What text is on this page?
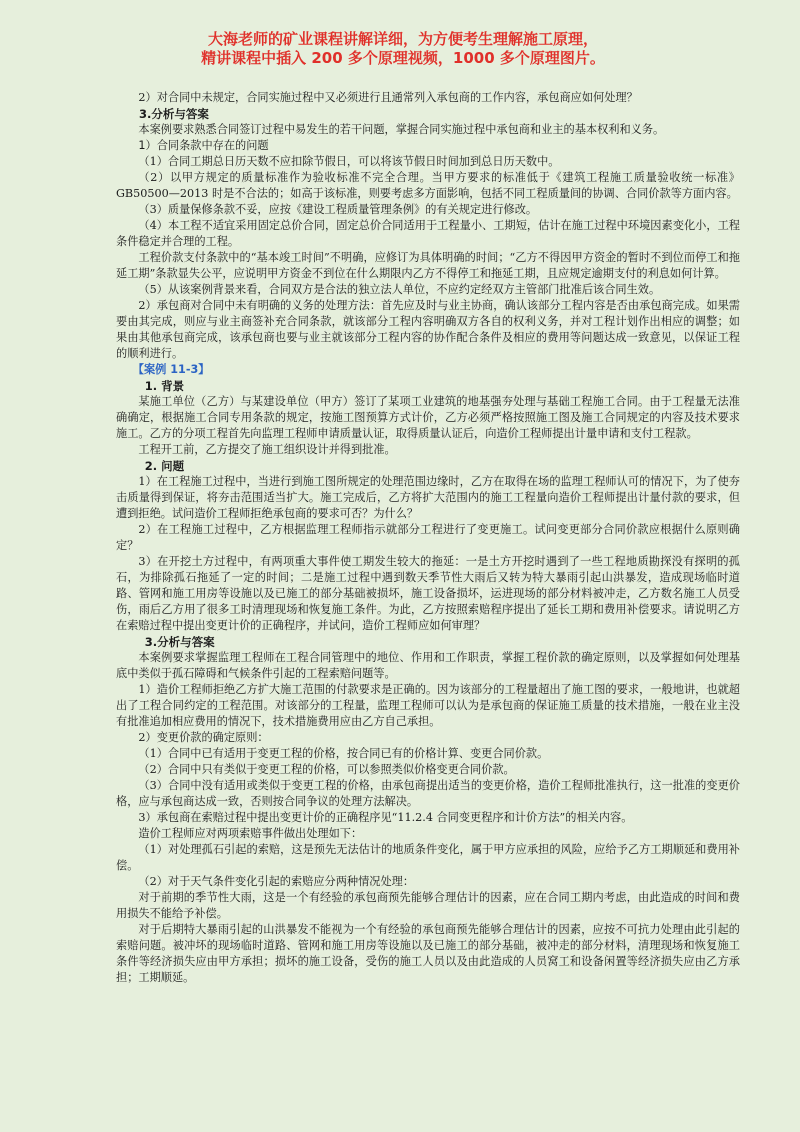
大海老师的矿业课程讲解详细，为方便考生理解施工原理，

精讲课程中插入 200 多个原理视频，1000 多个原理图片。

2）对合同中未规定，合同实施过程中又必须进行且通常列入承包商的工作内容，承包商应如何处理？

3.分析与答案

本案例要求熟悉合同签订过程中易发生的若干问题，掌握合同实施过程中承包商和业主的基本权利和义务。

1）合同条款中存在的问题

（1）合同工期总日历天数不应扣除节假日，可以将该节假日时间加到总日历天数中。

（2）以甲方规定的质量标准作为验收标准不完全合理。当甲方要求的标准低于《建筑工程施工质量验收统一标准》GB50500—2013 时是不合法的；如高于该标准，则要考虑多方面影响，包括不同工程质量间的协调、合同价款等方面内容。

（3）质量保修条款不妥，应按《建设工程质量管理条例》的有关规定进行修改。

（4）本工程不适宜采用固定总价合同，固定总价合同适用于工程量小、工期短，估计在施工过程中环境因素变化小，工程条件稳定并合理的工程。

工程价款支付条款中的“基本竣工时间”不明确，应修订为具体明确的时间；“乙方不得因甲方资金的暂时不到位而停工和拖延工期”条款显失公平，应说明甲方资金不到位在什么期限内乙方不得停工和拖延工期，且应规定逾期支付的利息如何计算。

（5）从该案例背景来看，合同双方是合法的独立法人单位，不应约定经双方主管部门批准后该合同生效。

2）承包商对合同中未有明确的义务的处理方法：首先应及时与业主协商，确认该部分工程内容是否由承包商完成。如果需要由其完成，则应与业主商签补充合同条款，就该部分工程内容明确双方各自的权利义务，并对工程计划作出相应的调整；如果由其他承包商完成，该承包商也要与业主就该部分工程内容的协作配合条件及相应的费用等问题达成一致意见，以保证工程的顺利进行。

【案例 11-3】

1. 背景

某施工单位（乙方）与某建设单位（甲方）签订了某项工业建筑的地基强夯处理与基础工程施工合同。由于工程量无法准确确定，根据施工合同专用条款的规定，按施工图预算方式计价，乙方必须严格按照施工图及施工合同规定的内容及技术要求施工。乙方的分项工程首先向监理工程师申请质量认证，取得质量认证后，向造价工程师提出计量申请和支付工程款。

工程开工前，乙方提交了施工组织设计并得到批准。

2. 问题

1）在工程施工过程中，当进行到施工图所规定的处理范围边缘时，乙方在取得在场的监理工程师认可的情况下，为了使夯击质量得到保证，将夯击范围适当扩大。施工完成后，乙方将扩大范围内的施工工程量向造价工程师提出计量付款的要求，但遭到拒绝。试问造价工程师拒绝承包商的要求可否？为什么？

2）在工程施工过程中，乙方根据监理工程师指示就部分工程进行了变更施工。试问变更部分合同价款应根据什么原则确定？

3）在开挖土方过程中，有两项重大事件使工期发生较大的拖延：一是土方开挖时遇到了一些工程地质勘探没有探明的孤石，为排除孤石拖延了一定的时间；二是施工过程中遇到数天季节性大雨后又转为特大暴雨引起山洪暴发，造成现场临时道路、管网和施工用房等设施以及已施工的部分基础被损坏，施工设备损坏，运进现场的部分材料被冲走，乙方数名施工人员受伤，雨后乙方用了很多工时清理现场和恢复施工条件。为此，乙方按照索赔程序提出了延长工期和费用补偿要求。请说明乙方在索赔过程中提出变更计价的正确程序，并试问，造价工程师应如何审理？

3.分析与答案

本案例要求掌握监理工程师在工程合同管理中的地位、作用和工作职责，掌握工程价款的确定原则，以及掌握如何处理基底中类似于孤石障碍和气候条件引起的工程索赔问题等。

1）造价工程师拒绝乙方扩大施工范围的付款要求是正确的。因为该部分的工程量超出了施工图的要求，一般地讲，也就超出了工程合同约定的工程范围。对该部分的工程量，监理工程师可以认为是承包商的保证施工质量的技术措施，一般在业主没有批准追加相应费用的情况下，技术措施费用应由乙方自己承担。

2）变更价款的确定原则：

（1）合同中已有适用于变更工程的价格，按合同已有的价格计算、变更合同价款。

（2）合同中只有类似于变更工程的价格，可以参照类似价格变更合同价款。

（3）合同中没有适用或类似于变更工程的价格，由承包商提出适当的变更价格，造价工程师批准执行，这一批准的变更价格，应与承包商达成一致，否则按合同争议的处理方法解决。

3）承包商在索赔过程中提出变更计价的正确程序见“11.2.4 合同变更程序和计价方法”的相关内容。

造价工程师应对两项索赔事件做出处理如下：

（1）对处理孤石引起的索赔，这是预先无法估计的地质条件变化，属于甲方应承担的风险，应给予乙方工期顺延和费用补偿。

（2）对于天气条件变化引起的索赔应分两种情况处理：

对于前期的季节性大雨，这是一个有经验的承包商预先能够合理估计的因素，应在合同工期内考虑，由此造成的时间和费用损失不能给予补偿。

对于后期特大暴雨引起的山洪暴发不能视为一个有经验的承包商预先能够合理估计的因素，应按不可抗力处理由此引起的索赔问题。被冲坏的现场临时道路、管网和施工用房等设施以及已施工的部分基础，被冲走的部分材料，清理现场和恢复施工条件等经济损失应由甲方承担；损坏的施工设备，受伤的施工人员以及由此造成的人员窝工和设备闲置等经济损失应由乙方承担；工期顺延。
